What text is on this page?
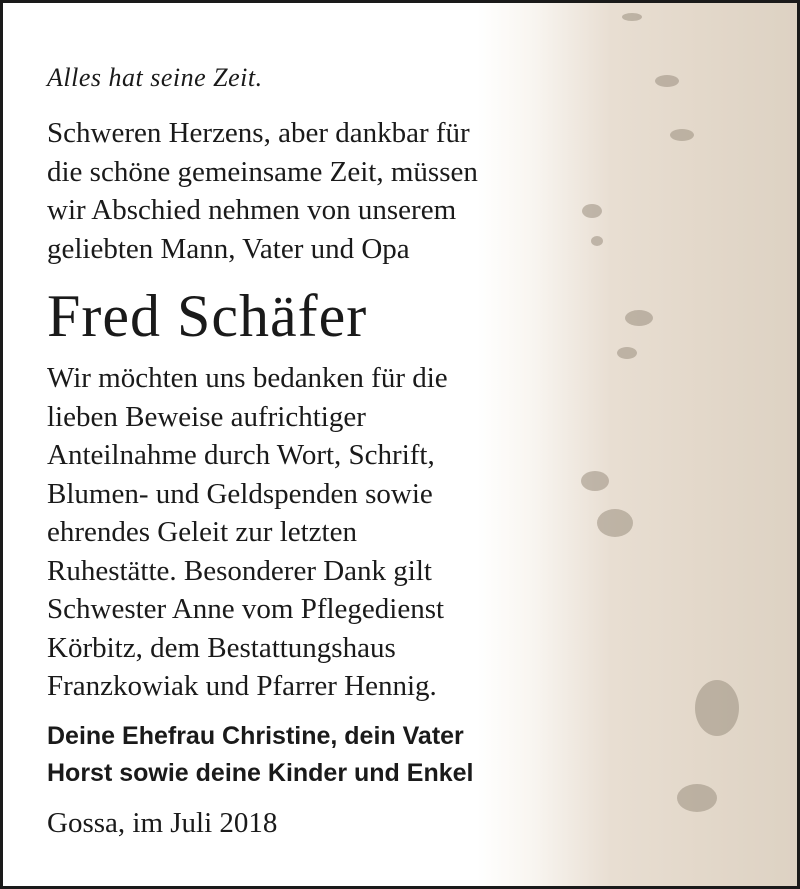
Alles hat seine Zeit.
Schweren Herzens, aber dankbar für
die schöne gemeinsame Zeit, müssen
wir Abschied nehmen von unserem
geliebten Mann, Vater und Opa
Fred Schäfer
Wir möchten uns bedanken für die
lieben Beweise aufrichtiger
Anteilnahme durch Wort, Schrift,
Blumen- und Geldspenden sowie
ehrendes Geleit zur letzten
Ruhestätte. Besonderer Dank gilt
Schwester Anne vom Pflegedienst
Körbitz, dem Bestattungshaus
Franzkowiak und Pfarrer Hennig.
Deine Ehefrau Christine, dein Vater
Horst sowie deine Kinder und Enkel
Gossa, im Juli 2018
